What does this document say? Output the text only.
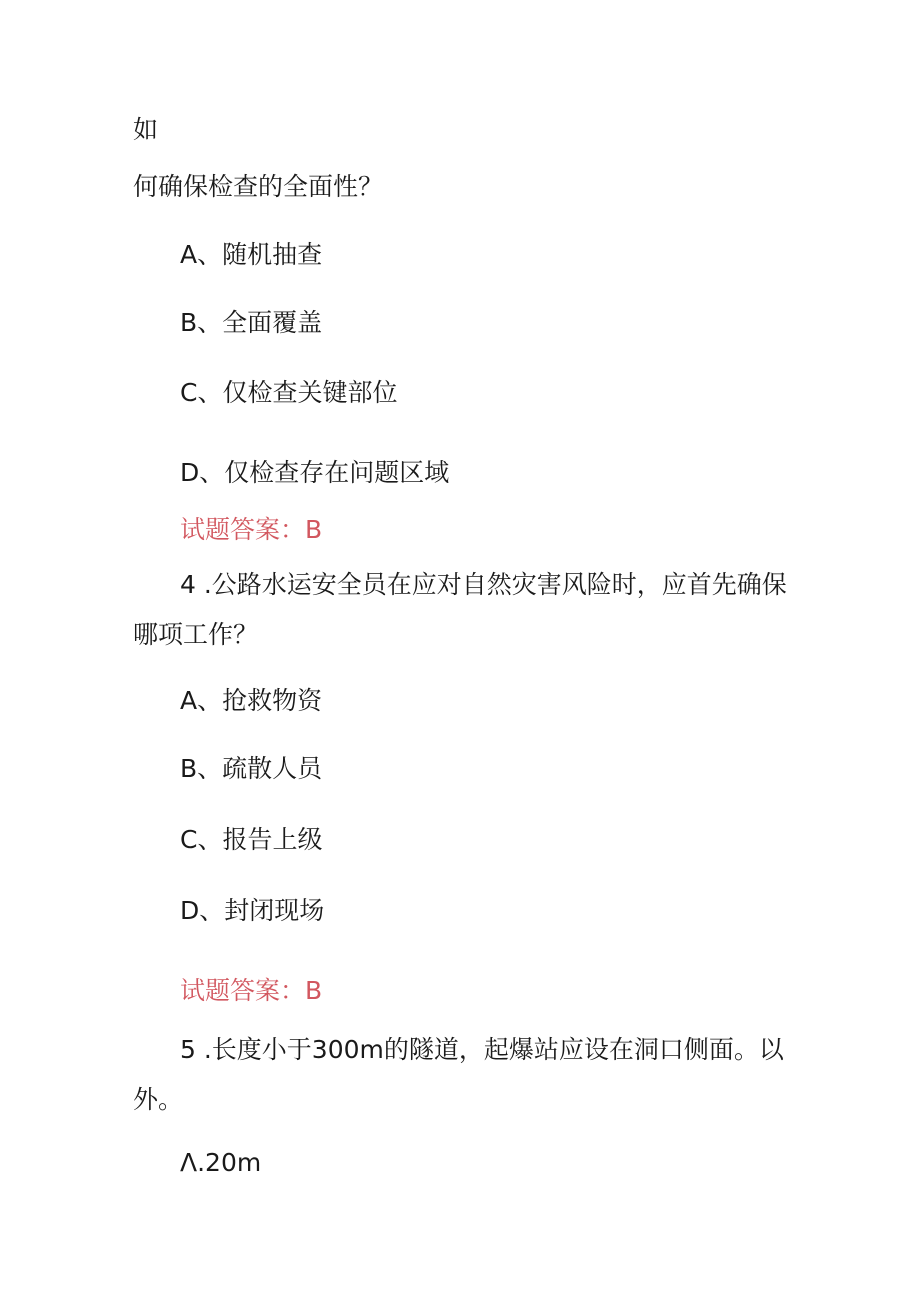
如
何确保检查的全面性？
A、随机抽查
B、全面覆盖
C、仅检查关键部位
D、仅检查存在问题区域
试题答案：B
4 .公路水运安全员在应对自然灾害风险时，应首先确保
哪项工作？
A、抢救物资
B、疏散人员
C、报告上级
D、封闭现场
试题答案：B
5 .长度小于300m的隧道，起爆站应设在洞口侧面。以
外。
Λ.20m
